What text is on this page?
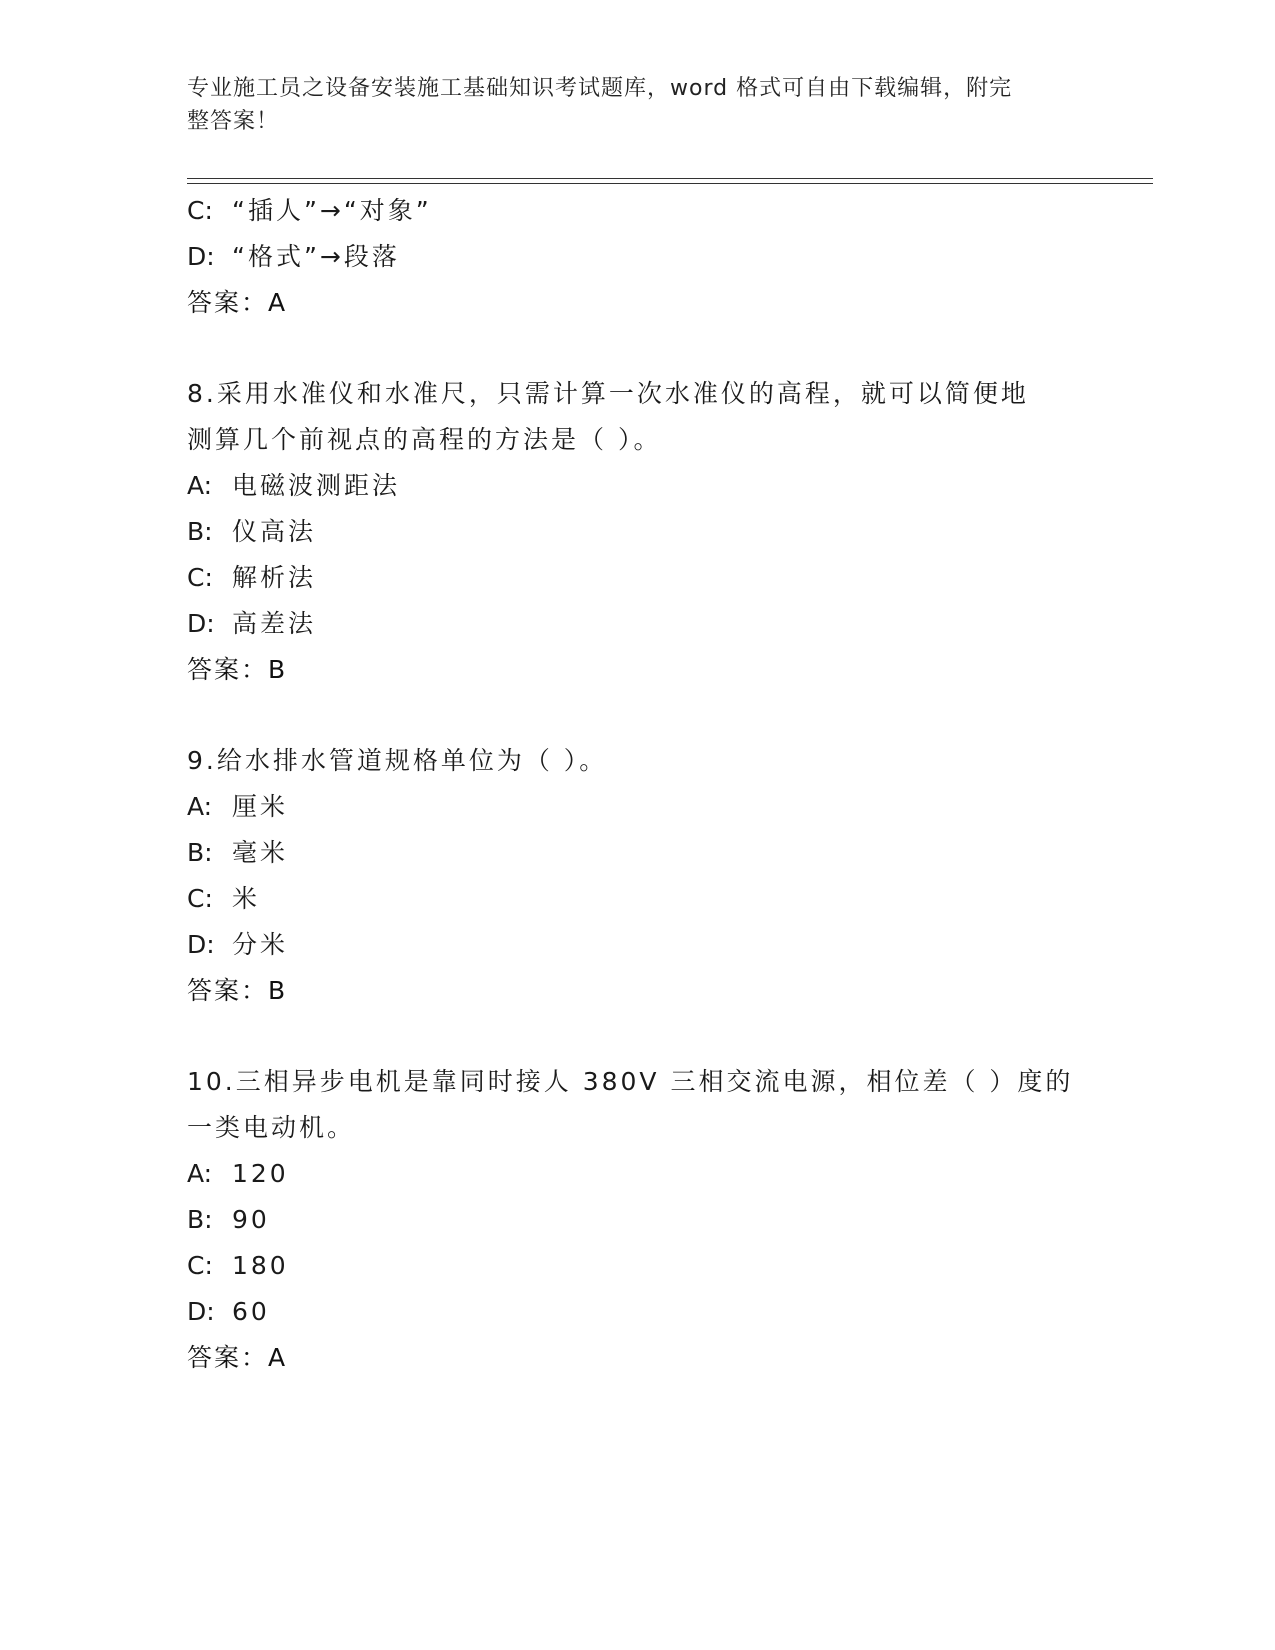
专业施工员之设备安装施工基础知识考试题库，word 格式可自由下载编辑，附完
整答案！
C: “插人”→“对象”
D: “格式”→段落
答案：A
8.采用水准仪和水准尺，只需计算一次水准仪的高程，就可以简便地
测算几个前视点的高程的方法是（ ）。
A: 电磁波测距法
B: 仪高法
C: 解析法
D: 高差法
答案：B
9.给水排水管道规格单位为（ ）。
A: 厘米
B: 毫米
C: 米
D: 分米
答案：B
10.三相异步电机是靠同时接人 380V 三相交流电源，相位差（ ）度的
一类电动机。
A: 120
B: 90
C: 180
D: 60
答案：A
